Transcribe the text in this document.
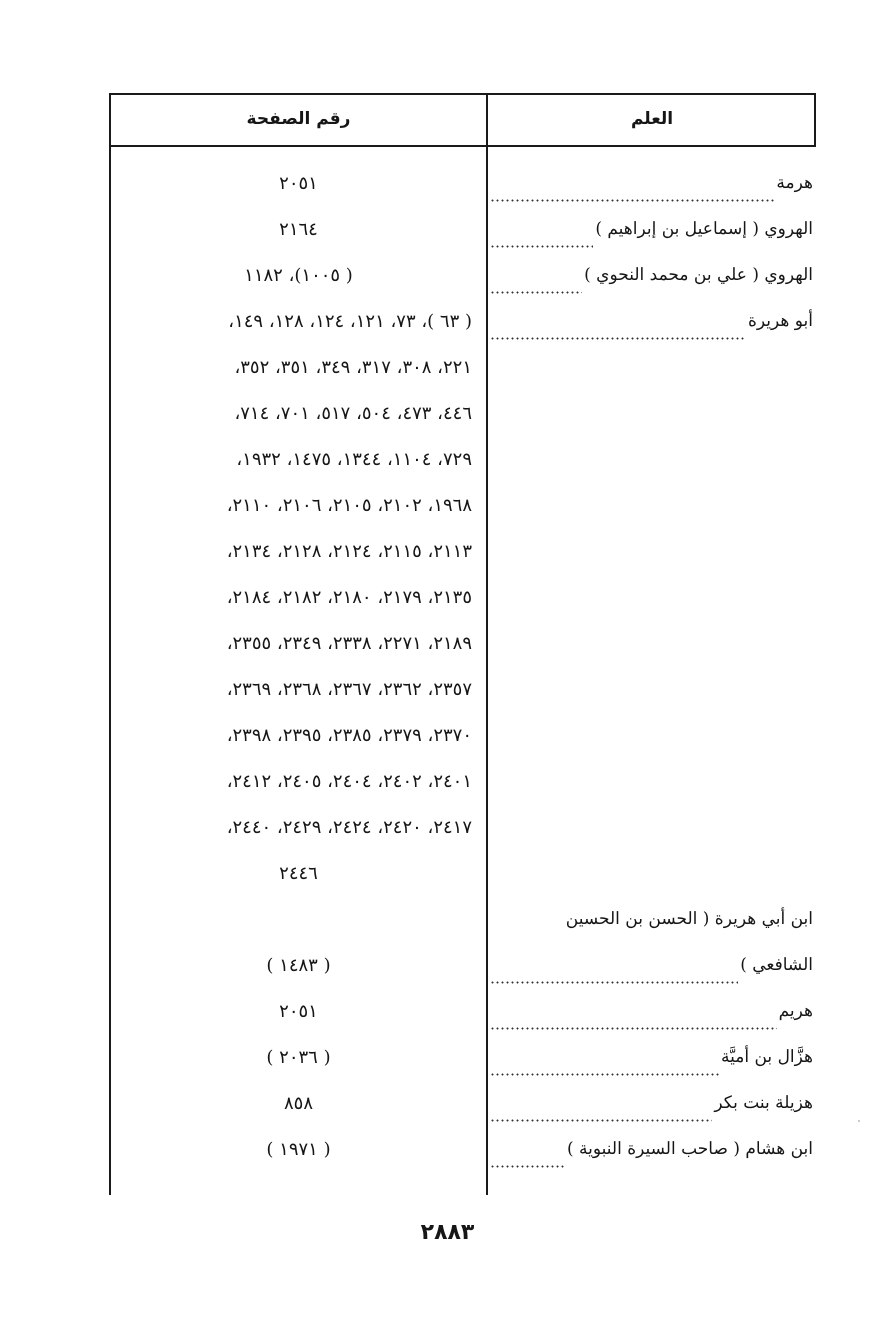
العلم
رقم الصفحة
هرمة
الهروي ( إسماعيل بن إبراهيم )
الهروي ( علي بن محمد النحوي )
أبو هريرة
ابن أبي هريرة ( الحسن بن الحسين
الشافعي )
هريم
هزَّال بن أميَّة
هزيلة بنت بكر
ابن هشام ( صاحب السيرة النبوية )
٢٠٥١
٢١٦٤
( ١٠٠٥)، ١١٨٢
( ٦٣ )، ٧٣، ١٢١، ١٢٤، ١٢٨، ١٤٩،
٢٢١، ٣٠٨، ٣١٧، ٣٤٩، ٣٥١، ٣٥٢،
٤٤٦، ٤٧٣، ٥٠٤، ٥١٧، ٧٠١، ٧١٤،
٧٢٩، ١١٠٤، ١٣٤٤، ١٤٧٥، ١٩٣٢،
١٩٦٨، ٢١٠٢، ٢١٠٥، ٢١٠٦، ٢١١٠،
٢١١٣، ٢١١٥، ٢١٢٤، ٢١٢٨، ٢١٣٤،
٢١٣٥، ٢١٧٩، ٢١٨٠، ٢١٨٢، ٢١٨٤،
٢١٨٩، ٢٢٧١، ٢٣٣٨، ٢٣٤٩، ٢٣٥٥،
٢٣٥٧، ٢٣٦٢، ٢٣٦٧، ٢٣٦٨، ٢٣٦٩،
٢٣٧٠، ٢٣٧٩، ٢٣٨٥، ٢٣٩٥، ٢٣٩٨،
٢٤٠١، ٢٤٠٢، ٢٤٠٤، ٢٤٠٥، ٢٤١٢،
٢٤١٧، ٢٤٢٠، ٢٤٢٤، ٢٤٢٩، ٢٤٤٠،
٢٤٤٦
( ١٤٨٣ )
٢٠٥١
( ٢٠٣٦ )
٨٥٨
( ١٩٧١ )
٢٨٨٣
